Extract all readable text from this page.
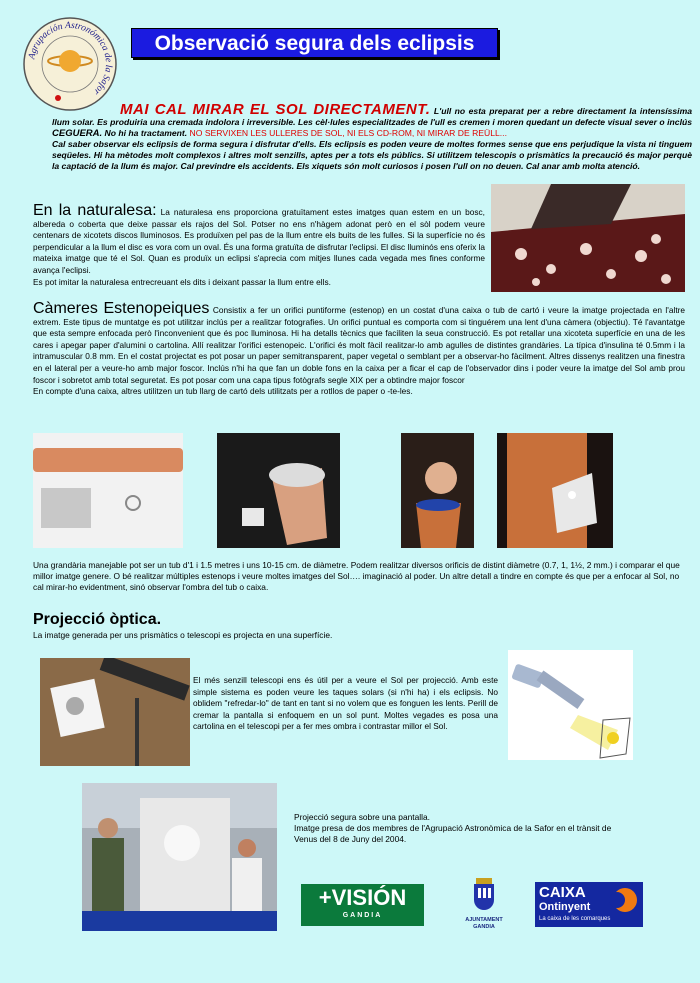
Agrupación Astronómica de la Safor
Observació segura dels eclipsis
MAI CAL MIRAR EL SOL DIRECTAMENT. L'ull no esta preparat per a rebre directament la intensíssima llum solar. Es produiria una cremada indolora i irreversible. Les cèl·lules especialitzades de l'ull es cremen i moren quedant un defecte visual sever o inclús CEGUERA. No hi ha tractament. NO SERVIXEN LES ULLERES DE SOL, NI ELS CD-ROM, NI MIRAR DE REÜLL...
Cal saber observar els eclipsis de forma segura i disfrutar d'ells. Els eclipsis es poden veure de moltes formes sense que ens perjudique la vista ni tinguem seqüeles. Hi ha mètodes molt complexos i altres molt senzills, aptes per a tots els públics. Si utilitzem telescopis o prismàtics la precaució és major perquè la captació de la llum és major. Cal previndre els accidents. Els xiquets són molt curiosos i posen l'ull on no deuen. Cal anar amb molta atenció.
En la naturalesa: La naturalesa ens proporciona gratuïtament estes imatges quan estem en un bosc, albereda o coberta que deixe passar els rajos del Sol. Potser no ens n'hàgem adonat però en el sòl podem veure centenars de xicotets discos lluminosos. Es produïxen pel pas de la llum entre els buits de les fulles. Si la superfície no és perpendicular a la llum el disc es vora com un oval. És una forma gratuïta de disfrutar l'eclipsi. El disc lluminós ens oferix la mateixa imatge que té el Sol. Quan es produïx un eclipsi s'aprecia com mitjes llunes cada vegada mes fines conforme avança l'eclipsi.
Es pot imitar la naturalesa entrecreuant els dits i deixant passar la llum entre ells.
Càmeres Estenopeiques Consistix a fer un orifici puntiforme (estenop) en un costat d'una caixa o tub de cartó i veure la imatge projectada en l'altre extrem. Este tipus de muntatge es pot utilitzar inclús per a realitzar fotografies. Un orifici puntual es comporta com si tinguérem una lent d'una càmera (objectiu). Té l'avantatge que esta sempre enfocada però l'inconvenient que és poc lluminosa. Hi ha detalls tècnics que faciliten la seua construcció. Es pot retallar una xicoteta superfície en una de les cares i apegar paper d'alumini o cartolina. Allí realitzar l'orifici estenopeic. L'orifici és molt fàcil realitzar-lo amb agulles de distintes grandàries. La típica d'insulina té 0.5mm i la intramuscular 0.8 mm. En el costat projectat es pot posar un paper semitransparent, paper vegetal o semblant per a observar-ho fàcilment. Altres dissenys realitzen una finestra en el lateral per a veure-ho amb major foscor. Inclús n'hi ha que fan un doble fons en la caixa per a ficar el cap de l'observador dins i poder veure la imatge del Sol amb prou foscor i sobretot amb total seguretat. Es pot posar com una capa tipus fotògrafs segle XIX per a obtindre major foscor
En compte d'una caixa, altres utilitzen un tub llarg de cartó dels utilitzats per a rotllos de paper o -te-les.
Una grandària manejable pot ser un tub d'1 i 1.5 metres i uns 10-15 cm. de diàmetre. Podem realitzar diversos orificis de distint diàmetre (0.7, 1, 1½, 2 mm.) i comparar el que millor imatge genere. O bé realitzar múltiples estenops i veure moltes imatges del Sol…. imaginació al poder. Un altre detall a tindre en compte és que per a enfocar al Sol, no cal mirar-ho evidentment, sinó observar l'ombra del tub o caixa.
Projecció òptica.
La imatge generada per uns prismàtics o telescopi es projecta en una superfície.
El més senzill telescopi ens és útil per a veure el Sol per projecció. Amb este simple sistema es poden veure les taques solars (si n'hi ha) i els eclipsis. No oblidem "refredar-lo" de tant en tant si no volem que es fonguen les lents. Perill de cremar la pantalla si enfoquem en un sol punt. Moltes vegades es posa una cartolina en el telescopi per a fer mes ombra i contrastar millor el Sol.
Projecció segura sobre una pantalla.
Imatge presa de dos membres de l'Agrupació Astronòmica de la Safor en el trànsit de Venus del 8 de Juny del 2004.
+VISIÓN
GANDIA
AJUNTAMENT
GANDIA
CAIXA
Ontinyent
La caixa de les comarques
